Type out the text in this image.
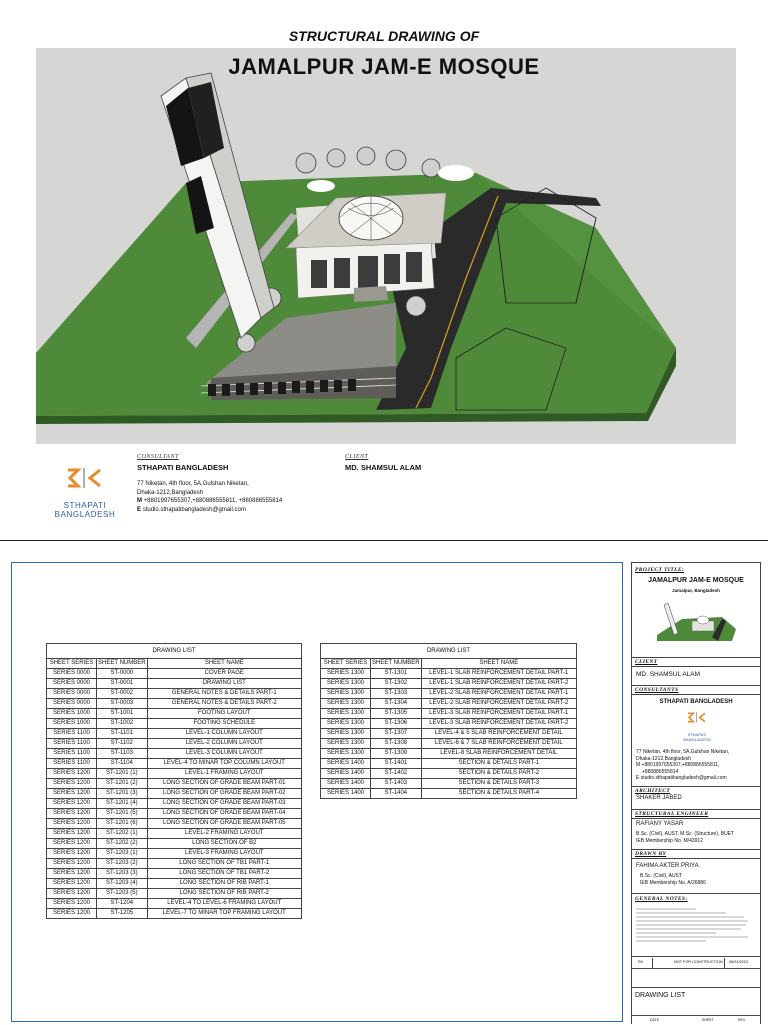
STRUCTURAL DRAWING OF
JAMALPUR JAM-E MOSQUE
STHAPATI
BANGLADESH
CONSULTANT
STHAPATI BANGLADESH
77 Niketan, 4th floor, 5A,Gulshan Niketan,
Dhaka-1212,Bangladesh
M +8801997655307,+880886555811, +880886555814
E studio.sthapatibangladesh@gmail.com
CLIENT
MD. SHAMSUL ALAM
DRAWING LIST
SHEET SERIES	SHEET NUMBER	SHEET NAME
SERIES 0000	ST-0000	COVER PAGE
SERIES 0000	ST-0001	DRAWING LIST
SERIES 0000	ST-0002	GENERAL NOTES & DETAILS PART-1
SERIES 0000	ST-0003	GENERAL NOTES & DETAILS PART-2
SERIES 1000	ST-1001	FOOTING LAYOUT
SERIES 1000	ST-1002	FOOTING SCHEDULE
SERIES 1100	ST-1101	LEVEL-1 COLUMN LAYOUT
SERIES 1100	ST-1102	LEVEL-2 COLUMN LAYOUT
SERIES 1100	ST-1103	LEVEL-3 COLUMN LAYOUT
SERIES 1100	ST-1104	LEVEL-4 TO MINAR TOP COLUMN LAYOUT
SERIES 1200	ST-1201 (1)	LEVEL-1 FRAMING LAYOUT
SERIES 1200	ST-1201 (2)	LONG SECTION OF GRADE BEAM PART-01
SERIES 1200	ST-1201 (3)	LONG SECTION OF GRADE BEAM PART-02
SERIES 1200	ST-1201 (4)	LONG SECTION OF GRADE BEAM PART-03
SERIES 1200	ST-1201 (5)	LONG SECTION OF GRADE BEAM PART-04
SERIES 1200	ST-1201 (6)	LONG SECTION OF GRADE BEAM PART-05
SERIES 1200	ST-1202 (1)	LEVEL-2 FRAMING LAYOUT
SERIES 1200	ST-1202 (2)	LONG SECTION OF B2
SERIES 1200	ST-1203 (1)	LEVEL-3 FRAMING LAYOUT
SERIES 1200	ST-1203 (2)	LONG SECTION OF TB1 PART-1
SERIES 1200	ST-1203 (3)	LONG SECTION OF TB1 PART-2
SERIES 1200	ST-1203 (4)	LONG SECTION OF RIB PART-1
SERIES 1200	ST-1203 (5)	LONG SECTION OF RIB PART-2
SERIES 1200	ST-1204	LEVEL-4 TO LEVEL-6 FRAMING LAYOUT
SERIES 1200	ST-1205	LEVEL-7 TO MINAR TOP FRAMING LAYOUT
DRAWING LIST
SHEET SERIES	SHEET NUMBER	SHEET NAME
SERIES 1300	ST-1301	LEVEL-1 SLAB REINFORCEMENT DETAIL PART-1
SERIES 1300	ST-1302	LEVEL-1 SLAB REINFORCEMENT DETAIL PART-2
SERIES 1300	ST-1303	LEVEL-2 SLAB REINFORCEMENT DETAIL PART-1
SERIES 1300	ST-1304	LEVEL-2 SLAB REINFORCEMENT DETAIL PART-2
SERIES 1300	ST-1305	LEVEL-3 SLAB REINFORCEMENT DETAIL PART-1
SERIES 1300	ST-1306	LEVEL-3 SLAB REINFORCEMENT DETAIL PART-2
SERIES 1300	ST-1307	LEVEL-4 & 5 SLAB REINFORCEMENT DETAIL
SERIES 1300	ST-1308	LEVEL-6 & 7 SLAB REINFORCEMENT DETAIL
SERIES 1300	ST-1309	LEVEL-8 SLAB REINFORCEMENT DETAIL
SERIES 1400	ST-1401	SECTION & DETAILS PART-1
SERIES 1400	ST-1402	SECTION & DETAILS PART-2
SERIES 1400	ST-1403	SECTION & DETAILS PART-3
SERIES 1400	ST-1404	SECTION & DETAILS PART-4
PROJECT TITLE:
JAMALPUR JAM-E MOSQUE
Jamalpur, Bangladesh
CLIENT
MD. SHAMSUL ALAM
CONSULTANTS
STHAPATI BANGLADESH
STHAPATI
BANGLADESH
77 Niketan, 4th floor, 5A,Gulshan Niketan,
Dhaka-1212,Bangladesh
M +8801997655307,+880886555811,
+880886555814
E studio.sthapatibangladesh@gmail.com
ARCHITECT
SHAKER JABED
STRUCTURAL ENGINEER
RAFIANY YASAR
B.Sc. (Civil), AUST, M.Sc. (Structure), BUET
IEB Membership No. M/43912
DRAWN BY
FAHIMA AKTER PRIYA
B.Sc. (Civil), AUST
IEB Membership No. A/26886
GENERAL NOTES:
R0	NOT FOR CONSTRUCTION 06/01/2023
DRAWING LIST
DATE	SHEET	REV
